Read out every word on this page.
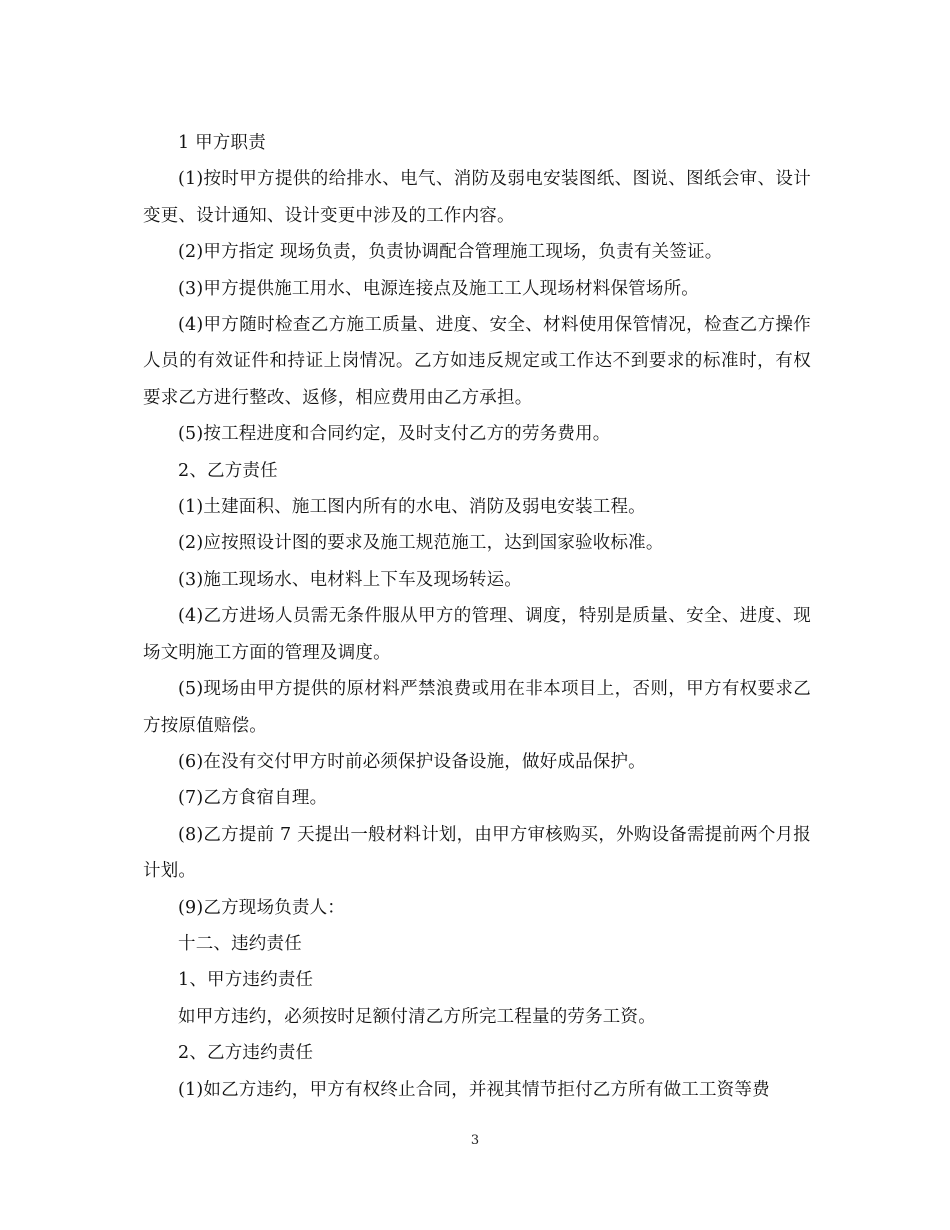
1 甲方职责

(1)按时甲方提供的给排水、电气、消防及弱电安装图纸、图说、图纸会审、设计变更、设计通知、设计变更中涉及的工作内容。

(2)甲方指定 现场负责，负责协调配合管理施工现场，负责有关签证。

(3)甲方提供施工用水、电源连接点及施工工人现场材料保管场所。

(4)甲方随时检查乙方施工质量、进度、安全、材料使用保管情况，检查乙方操作人员的有效证件和持证上岗情况。乙方如违反规定或工作达不到要求的标准时，有权要求乙方进行整改、返修，相应费用由乙方承担。

(5)按工程进度和合同约定，及时支付乙方的劳务费用。

2、乙方责任

(1)土建面积、施工图内所有的水电、消防及弱电安装工程。

(2)应按照设计图的要求及施工规范施工，达到国家验收标准。

(3)施工现场水、电材料上下车及现场转运。

(4)乙方进场人员需无条件服从甲方的管理、调度，特别是质量、安全、进度、现场文明施工方面的管理及调度。

(5)现场由甲方提供的原材料严禁浪费或用在非本项目上，否则，甲方有权要求乙方按原值赔偿。

(6)在没有交付甲方时前必须保护设备设施，做好成品保护。

(7)乙方食宿自理。

(8)乙方提前 7 天提出一般材料计划，由甲方审核购买，外购设备需提前两个月报计划。

(9)乙方现场负责人：

十二、违约责任

1、甲方违约责任

如甲方违约，必须按时足额付清乙方所完工程量的劳务工资。

2、乙方违约责任

(1)如乙方违约，甲方有权终止合同，并视其情节拒付乙方所有做工工资等费

3
